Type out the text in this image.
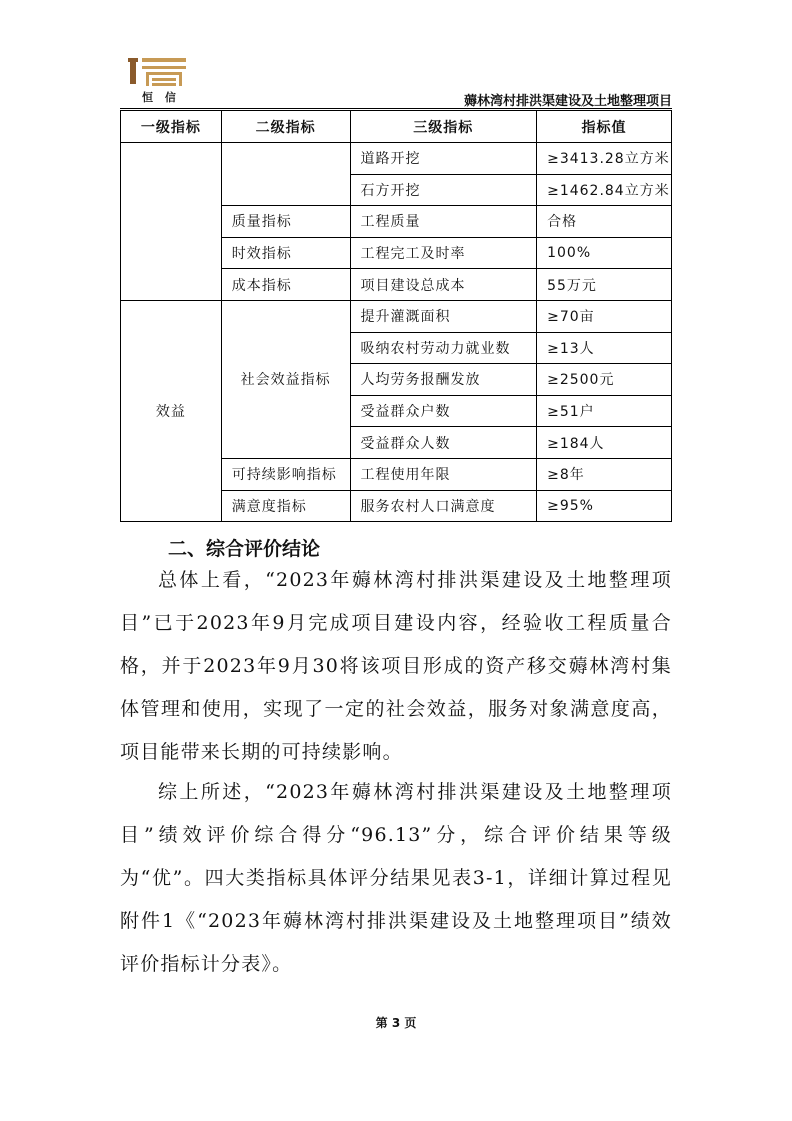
恒 信	薅林湾村排洪渠建设及土地整理项目
一级指标	二级指标	三级指标	指标值
		道路开挖	≥3413.28立方米
		石方开挖	≥1462.84立方米
	质量指标	工程质量	合格
	时效指标	工程完工及时率	100%
	成本指标	项目建设总成本	55万元
效益	社会效益指标	提升灌溉面积	≥70亩
		吸纳农村劳动力就业数	≥13人
		人均劳务报酬发放	≥2500元
		受益群众户数	≥51户
		受益群众人数	≥184人
	可持续影响指标	工程使用年限	≥8年
	满意度指标	服务农村人口满意度	≥95%
二、综合评价结论
总体上看，“2023年薅林湾村排洪渠建设及土地整理项目”已于2023年9月完成项目建设内容，经验收工程质量合格，并于2023年9月30将该项目形成的资产移交薅林湾村集体管理和使用，实现了一定的社会效益，服务对象满意度高，项目能带来长期的可持续影响。
综上所述，“2023年薅林湾村排洪渠建设及土地整理项目”绩效评价综合得分“96.13”分，综合评价结果等级为“优”。四大类指标具体评分结果见表3-1，详细计算过程见附件1《“2023年薅林湾村排洪渠建设及土地整理项目”绩效评价指标计分表》。
第 3 页
